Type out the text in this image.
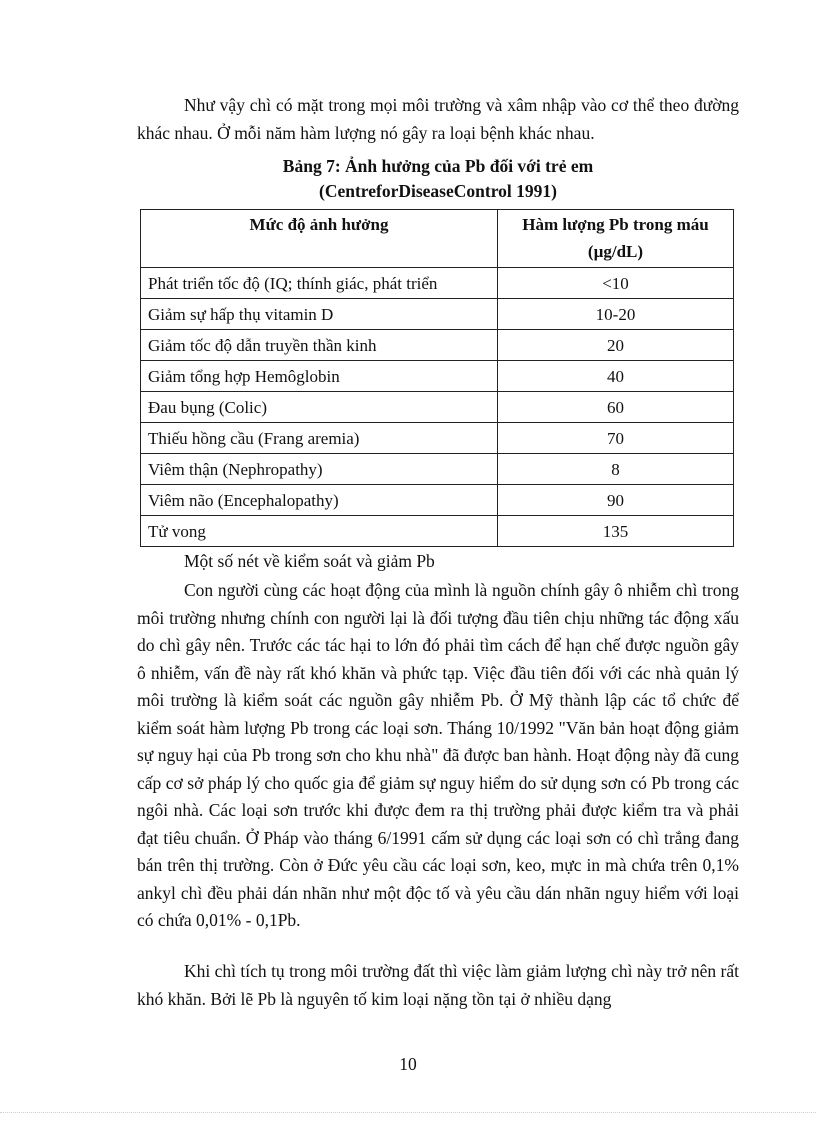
Như vậy chì có mặt trong mọi môi trường và xâm nhập vào cơ thể theo đường khác nhau. Ở mỗi năm hàm lượng nó gây ra loại bệnh khác nhau.

Bảng 7: Ảnh hưởng của Pb đối với trẻ em

(CentreforDiseaseControl 1991)

Mức độ ảnh hưởng	Hàm lượng Pb trong máu
(µg/dL)

Phát triển tốc độ (IQ; thính giác, phát triển	<10
Giảm sự hấp thụ vitamin D	10-20
Giảm tốc độ dẫn truyền thần kinh	20
Giảm tổng hợp Hemôglobin	40
Đau bụng (Colic)	60
Thiếu hồng cầu (Frang aremia)	70
Viêm thận (Nephropathy)	8
Viêm não (Encephalopathy)	90
Tử vong	135

Một số nét về kiểm soát và giảm Pb

Con người cùng các hoạt động của mình là nguồn chính gây ô nhiễm chì trong môi trường nhưng chính con người lại là đối tượng đầu tiên chịu những tác động xấu do chì gây nên. Trước các tác hại to lớn đó phải tìm cách để hạn chế được nguồn gây ô nhiễm, vấn đề này rất khó khăn và phức tạp. Việc đầu tiên đối với các nhà quản lý môi trường là kiểm soát các nguồn gây nhiễm Pb. Ở Mỹ thành lập các tổ chức để kiểm soát hàm lượng Pb trong các loại sơn. Tháng 10/1992 "Văn bản hoạt động giảm sự nguy hại của Pb trong sơn cho khu nhà" đã được ban hành. Hoạt động này đã cung cấp cơ sở pháp lý cho quốc gia để giảm sự nguy hiểm do sử dụng sơn có Pb trong các ngôi nhà. Các loại sơn trước khi được đem ra thị trường phải được kiểm tra và phải đạt tiêu chuẩn. Ở Pháp vào tháng 6/1991 cấm sử dụng các loại sơn có chì trắng đang bán trên thị trường. Còn ở Đức yêu cầu các loại sơn, keo, mực in mà chứa trên 0,1% ankyl chì đều phải dán nhãn như một độc tố và yêu cầu dán nhãn nguy hiểm với loại có chứa 0,01% - 0,1Pb.

Khi chì tích tụ trong môi trường đất thì việc làm giảm lượng chì này trở nên rất khó khăn. Bởi lẽ Pb là nguyên tố kim loại nặng tồn tại ở nhiều dạng

10
